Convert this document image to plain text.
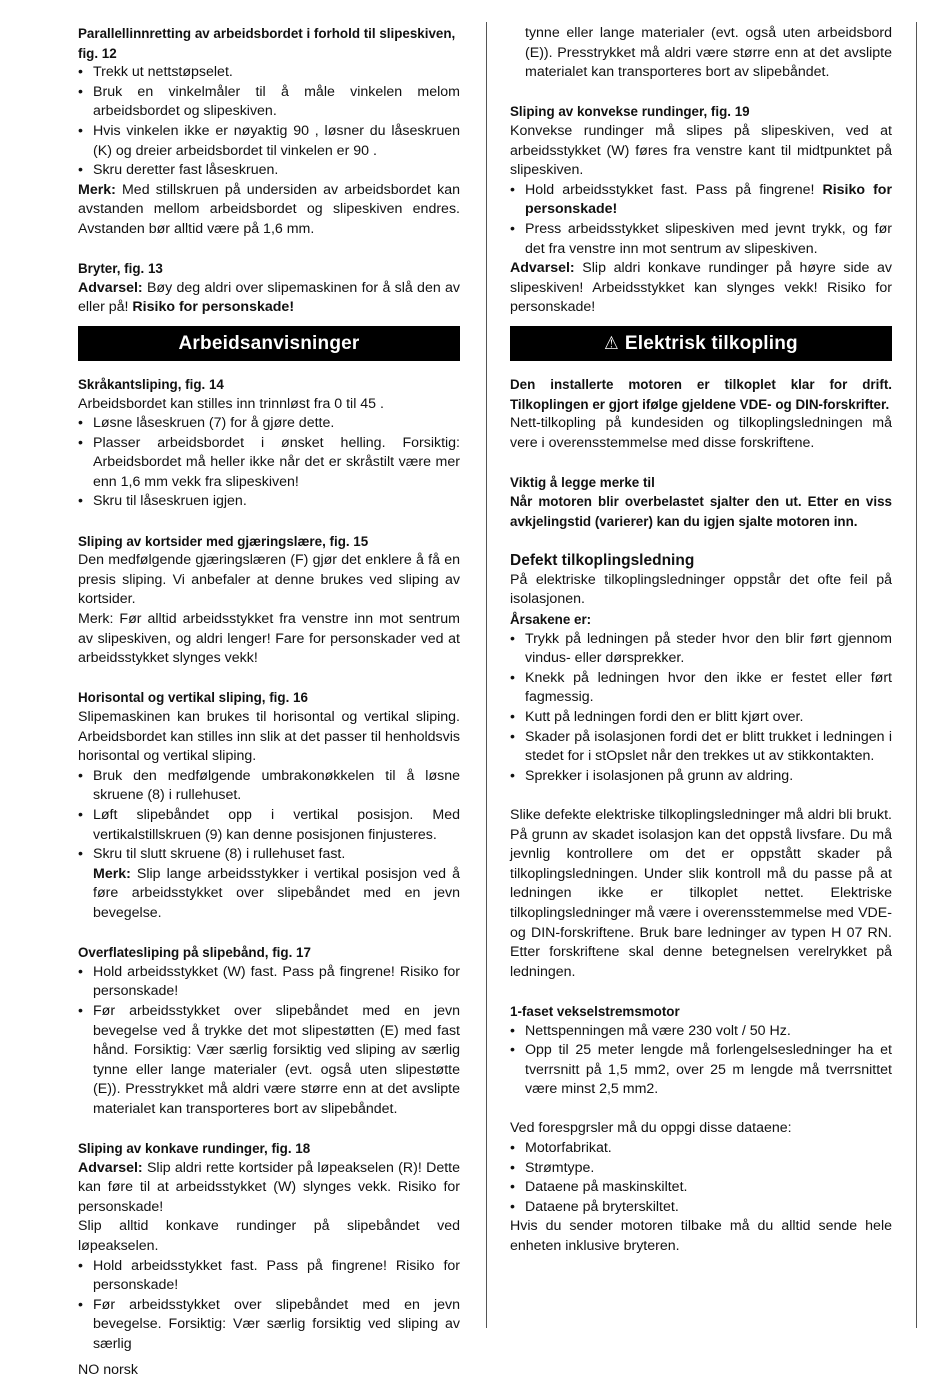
Parallellinnretting av arbeidsbordet i forhold til slipeskiven, fig. 12

• Trekk ut nettstøpselet.

• Bruk en vinkelmåler til å måle vinkelen melom arbeidsbordet og slipeskiven.

• Hvis vinkelen ikke er nøyaktig 90 , løsner du låseskruen (K) og dreier arbeidsbordet til vinkelen er 90 .

• Skru deretter fast låseskruen.

Merk: Med stillskruen på undersiden av arbeidsbordet kan avstanden mellom arbeidsbordet og slipeskiven endres. Avstanden bør alltid være på 1,6 mm.

Bryter, fig. 13

Advarsel: Bøy deg aldri over slipemaskinen for å slå den av eller på! Risiko for personskade!

Arbeidsanvisninger

Skråkantsliping, fig. 14

Arbeidsbordet kan stilles inn trinnløst fra 0 til 45 .

• Løsne låseskruen (7) for å gjøre dette.

• Plasser arbeidsbordet i ønsket helling. Forsiktig: Arbeidsbordet må heller ikke når det er skråstilt være mer enn 1,6 mm vekk fra slipeskiven!

• Skru til låseskruen igjen.

Sliping av kortsider med gjæringslære, fig. 15

Den medfølgende gjæringslæren (F) gjør det enklere å få en presis sliping. Vi anbefaler at denne brukes ved sliping av kortsider.

Merk: Før alltid arbeidsstykket fra venstre inn mot sentrum av slipeskiven, og aldri lenger! Fare for personskader ved at arbeidsstykket slynges vekk!

Horisontal og vertikal sliping, fig. 16

Slipemaskinen kan brukes til horisontal og vertikal sliping. Arbeidsbordet kan stilles inn slik at det passer til henholdsvis horisontal og vertikal sliping.

• Bruk den medfølgende umbrakonøkkelen til å løsne skruene (8) i rullehuset.

• Løft slipebåndet opp i vertikal posisjon. Med vertikalstillskruen (9) kan denne posisjonen finjusteres.

• Skru til slutt skruene (8) i rullehuset fast.

Merk: Slip lange arbeidsstykker i vertikal posisjon ved å føre arbeidsstykket over slipebåndet med en jevn bevegelse.

Overflatesliping på slipebånd, fig. 17

• Hold arbeidsstykket (W) fast. Pass på fingrene! Risiko for personskade!

• Før arbeidsstykket over slipebåndet med en jevn bevegelse ved å trykke det mot slipestøtten (E) med fast hånd. Forsiktig: Vær særlig forsiktig ved sliping av særlig tynne eller lange materialer (evt. også uten slipestøtte (E)). Presstrykket må aldri være større enn at det avslipte materialet kan transporteres bort av slipebåndet.

Sliping av konkave rundinger, fig. 18

Advarsel: Slip aldri rette kortsider på løpeakselen (R)! Dette kan føre til at arbeidsstykket (W) slynges vekk. Risiko for personskade!

Slip alltid konkave rundinger på slipebåndet ved løpeakselen.

• Hold arbeidsstykket fast. Pass på fingrene! Risiko for personskade!

• Før arbeidsstykket over slipebåndet med en jevn bevegelse. Forsiktig: Vær særlig forsiktig ved sliping av særlig

tynne eller lange materialer (evt. også uten arbeidsbord (E)). Presstrykket må aldri være større enn at det avslipte materialet kan transporteres bort av slipebåndet.

Sliping av konvekse rundinger, fig. 19

Konvekse rundinger må slipes på slipeskiven, ved at arbeidsstykket (W) føres fra venstre kant til midtpunktet på slipeskiven.

• Hold arbeidsstykket fast. Pass på fingrene! Risiko for personskade!

• Press arbeidsstykket slipeskiven med jevnt trykk, og før det fra venstre inn mot sentrum av slipeskiven.

Advarsel: Slip aldri konkave rundinger på høyre side av slipeskiven! Arbeidsstykket kan slynges vekk! Risiko for personskade!

⚠ Elektrisk tilkopling

Den installerte motoren er tilkoplet klar for drift. Tilkoplingen er gjort ifølge gjeldene VDE- og DIN-forskrifter.

Nett-tilkopling på kundesiden og tilkoplingsledningen må vere i overensstemmelse med disse forskriftene.

Viktig å legge merke til

Når motoren blir overbelastet sjalter den ut. Etter en viss avkjelingstid (varierer) kan du igjen sjalte motoren inn.

Defekt tilkoplingsledning

På elektriske tilkoplingsledninger oppstår det ofte feil på isolasjonen.

Årsakene er:

• Trykk på ledningen på steder hvor den blir ført gjennom vindus- eller dørsprekker.

• Knekk på ledningen hvor den ikke er festet eller ført fagmessig.

• Kutt på ledningen fordi den er blitt kjørt over.

• Skader på isolasjonen fordi det er blitt trukket i ledningen i stedet for i stOpslet når den trekkes ut av stikkontakten.

• Sprekker i isolasjonen på grunn av aldring.

Slike defekte elektriske tilkoplingsledninger må aldri bli brukt. På grunn av skadet isolasjon kan det oppstå livsfare. Du må jevnlig kontrollere om det er oppstått skader på tilkoplingsledningen. Under slik kontroll må du passe på at ledningen ikke er tilkoplet nettet. Elektriske tilkoplingsledninger må være i overensstemmelse med VDE- og DIN-forskriftene. Bruk bare ledninger av typen H 07 RN. Etter forskriftene skal denne betegnelsen verelrykket på ledningen.

1-faset vekselstremsmotor

• Nettspenningen må være 230 volt / 50 Hz.

• Opp til 25 meter lengde må forlengelsesledninger ha et tverrsnitt på 1,5 mm2, over 25 m lengde må tverrsnittet være minst 2,5 mm2.

Ved forespgrsler må du oppgi disse dataene:

• Motorfabrikat.

• Strømtype.

• Dataene på maskinskiltet.

• Dataene på bryterskiltet.

Hvis du sender motoren tilbake må du alltid sende hele enheten inklusive bryteren.

NO norsk
